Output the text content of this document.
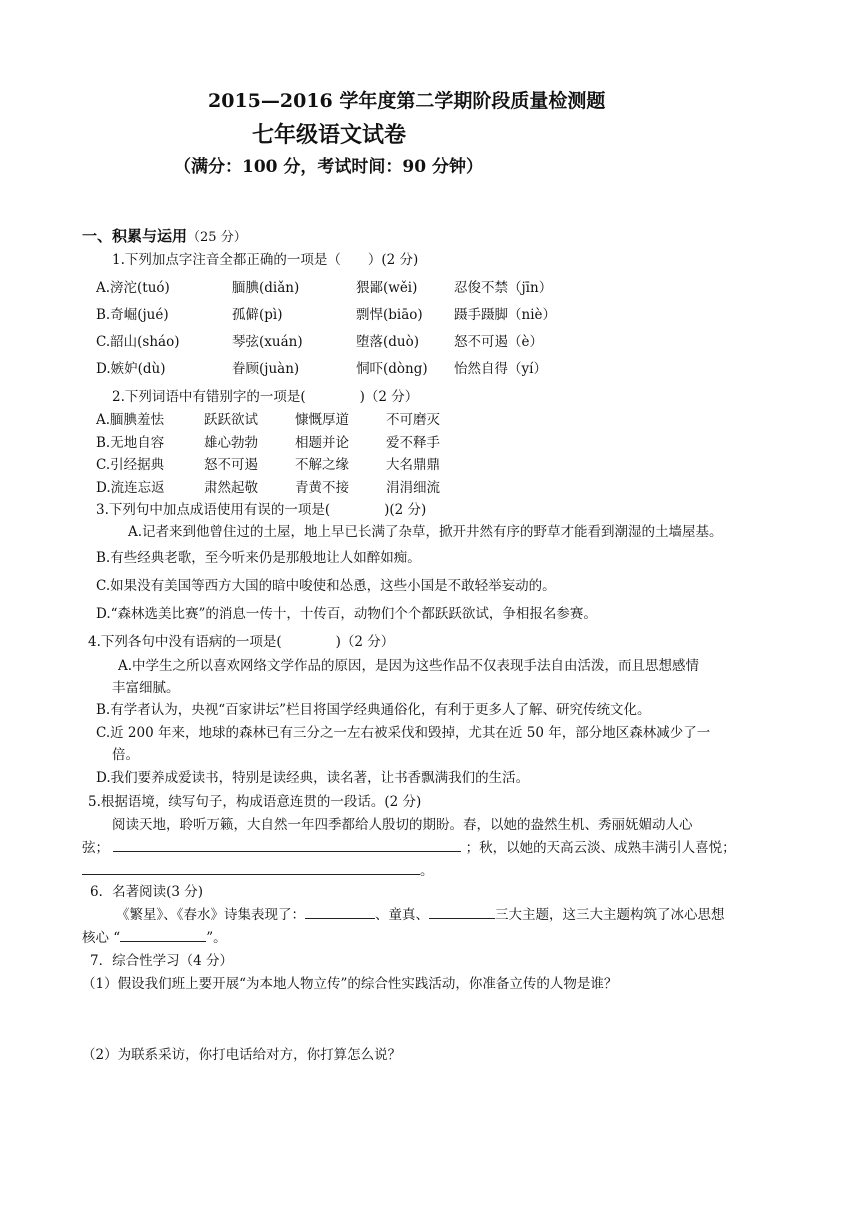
2015—2016 学年度第二学期阶段质量检测题
七年级语文试卷
（满分：100 分，考试时间：90 分钟）
一、积累与运用（25 分）
1.下列加点字注音全都正确的一项是（　　）(2 分)
A.滂沱(tuó)	腼腆(diǎn)	猥鄙(wěi)	忍俊不禁（jīn）
B.奇崛(jué)	孤僻(pì)	剽悍(biāo) 蹑手蹑脚（niè）
C.韶山(sháo)	琴弦(xuán)	堕落(duò)	怒不可遏（è）
D.嫉妒(dù)	眷顾(juàn)	恫吓(dòng) 怡然自得（yí）
2.下列词语中有错别字的一项是(　　　　)（2 分）
A.腼腆羞怯	跃跃欲试	慷慨厚道	不可磨灭
B.无地自容	雄心勃勃	相题并论	爱不释手
C.引经据典	怒不可遏	不解之缘	大名鼎鼎
D.流连忘返	肃然起敬	青黄不接	涓涓细流
3.下列句中加点成语使用有误的一项是(　　　　)(2 分)
A.记者来到他曾住过的土屋，地上早已长满了杂草，掀开井然有序的野草才能看到潮湿的土墙屋基。
B.有些经典老歌，至今听来仍是那般地让人如醉如痴。
C.如果没有美国等西方大国的暗中唆使和怂恿，这些小国是不敢轻举妄动的。
D.“森林选美比赛”的消息一传十，十传百，动物们个个都跃跃欲试，争相报名参赛。
4.下列各句中没有语病的一项是(　　　　)（2 分）
A.中学生之所以喜欢网络文学作品的原因，是因为这些作品不仅表现手法自由活泼，而且思想感情
丰富细腻。
B.有学者认为，央视“百家讲坛”栏目将国学经典通俗化，有利于更多人了解、研究传统文化。
C.近 200 年来，地球的森林已有三分之一左右被采伐和毁掉，尤其在近 50 年，部分地区森林减少了一
倍。
D.我们要养成爱读书，特别是读经典，读名著，让书香飘满我们的生活。
5.根据语境，续写句子，构成语意连贯的一段话。(2 分)
阅读天地，聆听万籁，大自然一年四季都给人殷切的期盼。春，以她的盎然生机、秀丽妩媚动人心
弦；	；秋，以她的天高云淡、成熟丰满引人喜悦；
。
6．名著阅读(3 分)
《繁星》、《春水》诗集表现了：	、童真、	三大主题，这三大主题构筑了冰心思想
核心 “	”。
7．综合性学习（4 分）
（1）假设我们班上要开展“为本地人物立传”的综合性实践活动，你准备立传的人物是谁？
（2）为联系采访，你打电话给对方，你打算怎么说？
